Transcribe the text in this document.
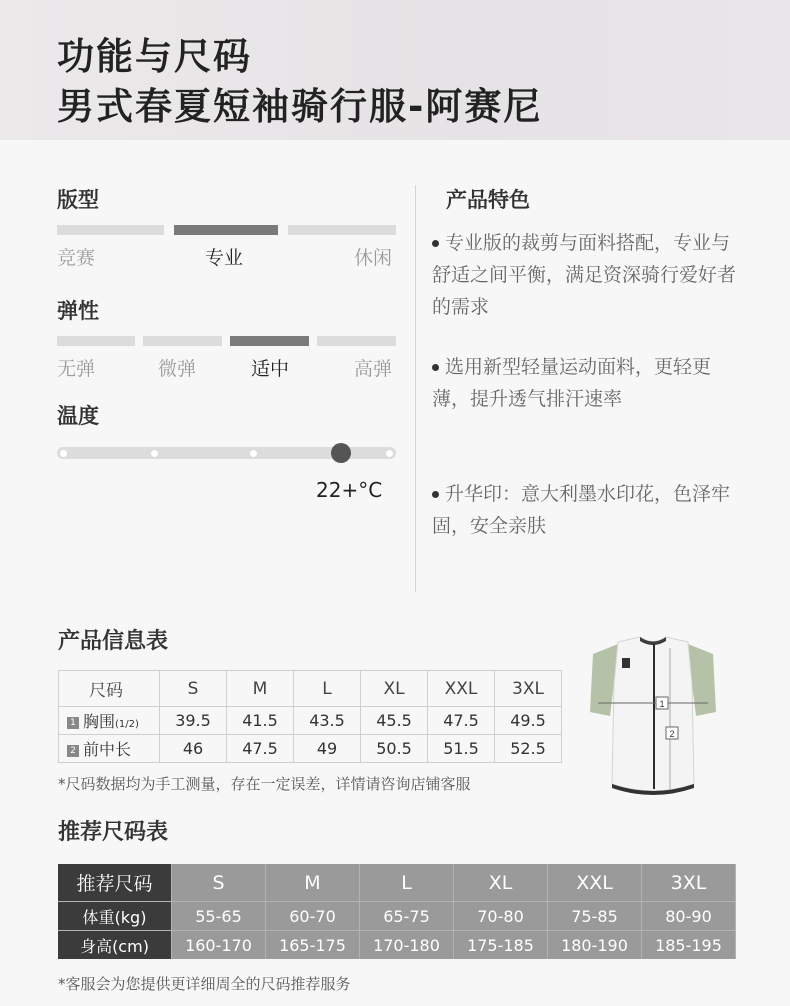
功能与尺码
男式春夏短袖骑行服-阿赛尼
版型
竞赛	专业	休闲
弹性
无弹	微弹	适中	高弹
温度
22+°C
产品特色
专业版的裁剪与面料搭配，专业与舒适之间平衡，满足资深骑行爱好者的需求
选用新型轻量运动面料，更轻更薄，提升透气排汗速率
升华印：意大利墨水印花，色泽牢固，安全亲肤
产品信息表
尺码	S	M	L	XL	XXL	3XL
1 胸围(1/2)	39.5	41.5	43.5	45.5	47.5	49.5
2 前中长	46	47.5	49	50.5	51.5	52.5
*尺码数据均为手工测量，存在一定误差，详情请咨询店铺客服
1
2
推荐尺码表
推荐尺码	S	M	L	XL	XXL	3XL
体重(kg)	55-65	60-70	65-75	70-80	75-85	80-90
身高(cm)	160-170	165-175	170-180	175-185	180-190	185-195
*客服会为您提供更详细周全的尺码推荐服务
